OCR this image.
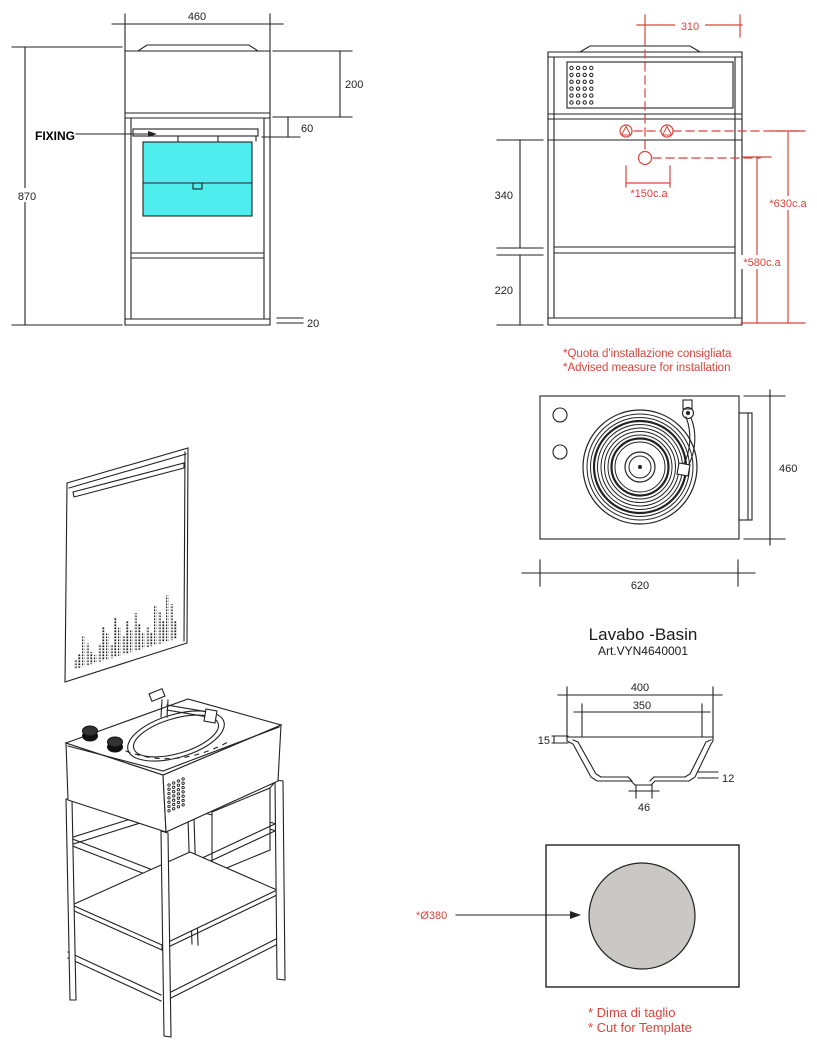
460
870
200
60
20
FIXING
310
*150c.a
340
220
*630c.a
*580c.a
*Quota d'installazione consigliata
*Advised measure for installation
460
620
Lavabo -Basin
Art.VYN4640001
400
350
15
12
46
*Ø380
* Dima di taglio
* Cut for Template
